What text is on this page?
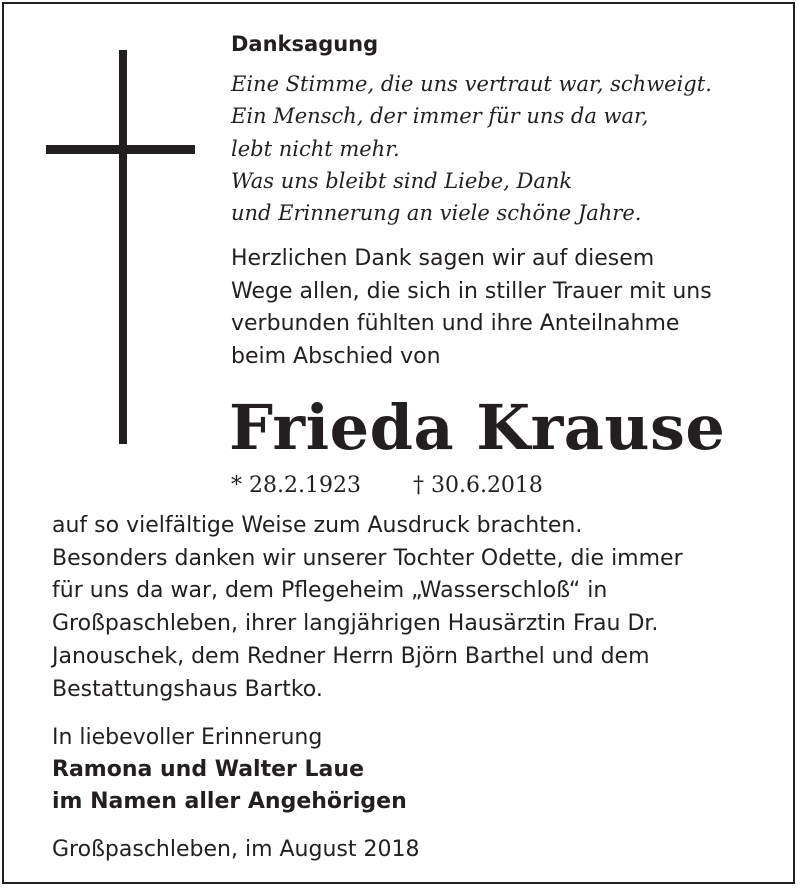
Danksagung

Eine Stimme, die uns vertraut war, schweigt.
Ein Mensch, der immer für uns da war,
lebt nicht mehr.
Was uns bleibt sind Liebe, Dank
und Erinnerung an viele schöne Jahre.

Herzlichen Dank sagen wir auf diesem
Wege allen, die sich in stiller Trauer mit uns
verbunden fühlten und ihre Anteilnahme
beim Abschied von

Frieda Krause

* 28.2.1923 † 30.6.2018

auf so vielfältige Weise zum Ausdruck brachten.
Besonders danken wir unserer Tochter Odette, die immer
für uns da war, dem Pflegeheim „Wasserschloß“ in
Großpaschleben, ihrer langjährigen Hausärztin Frau Dr.
Janouschek, dem Redner Herrn Björn Barthel und dem
Bestattungshaus Bartko.

In liebevoller Erinnerung
Ramona und Walter Laue
im Namen aller Angehörigen

Großpaschleben, im August 2018
